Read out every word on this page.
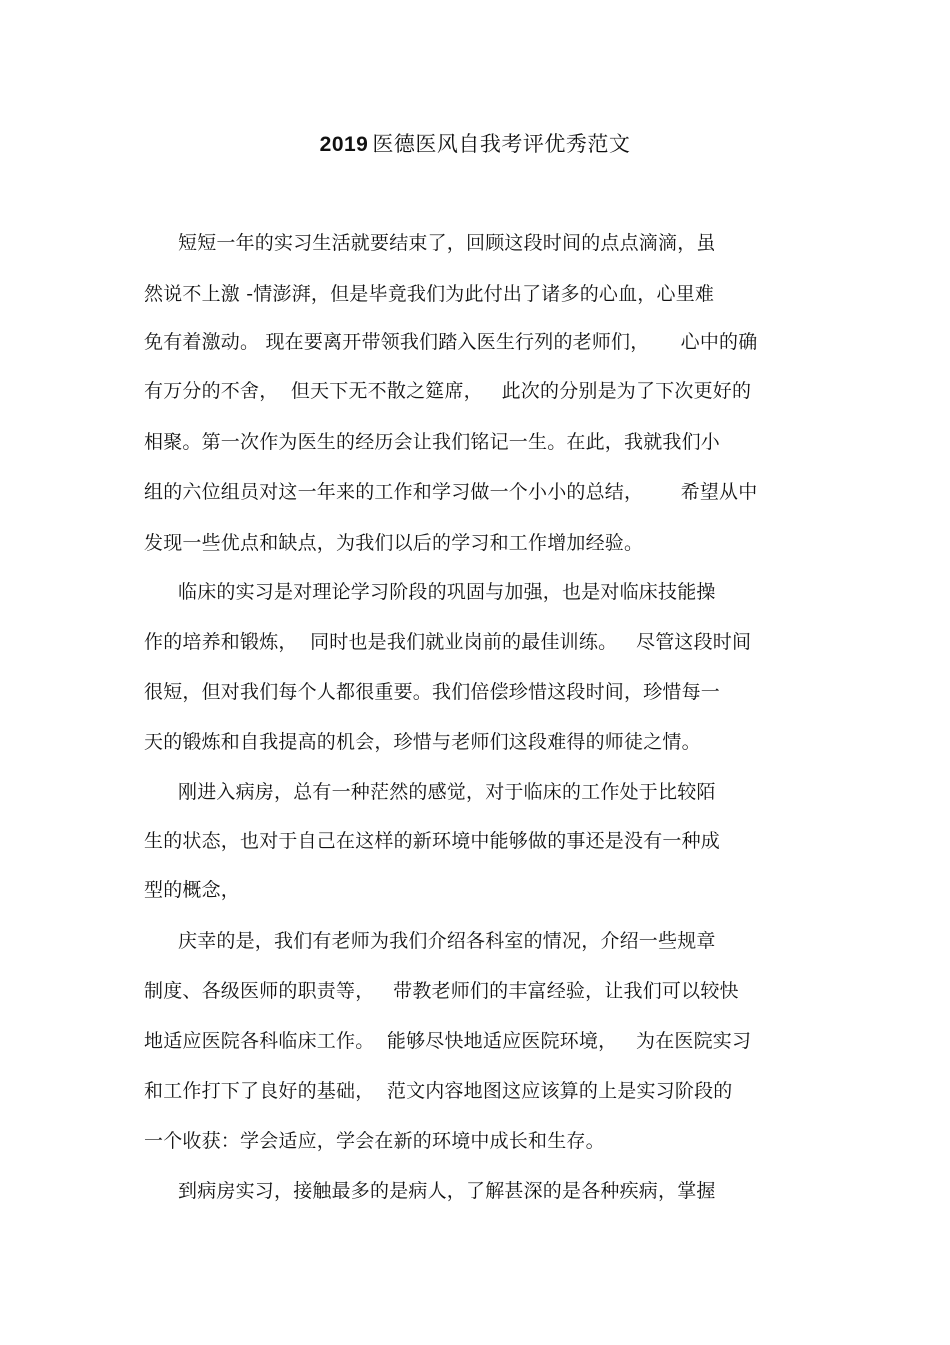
2019 医德医风自我考评优秀范文
短短一年的实习生活就要结束了，回顾这段时间的点点滴滴，虽
然说不上激 -情澎湃，但是毕竟我们为此付出了诸多的心血，心里难
免有着激动。 现在要离开带领我们踏入医生行列的老师们，     心中的确
有万分的不舍，  但天下无不散之筵席，   此次的分别是为了下次更好的
相聚。第一次作为医生的经历会让我们铭记一生。在此，我就我们小
组的六位组员对这一年来的工作和学习做一个小小的总结，      希望从中
发现一些优点和缺点，为我们以后的学习和工作增加经验。
临床的实习是对理论学习阶段的巩固与加强，也是对临床技能操
作的培养和锻炼，  同时也是我们就业岗前的最佳训练。   尽管这段时间
很短，但对我们每个人都很重要。我们倍偿珍惜这段时间，珍惜每一
天的锻炼和自我提高的机会，珍惜与老师们这段难得的师徒之情。
刚进入病房，总有一种茫然的感觉，对于临床的工作处于比较陌
生的状态，也对于自己在这样的新环境中能够做的事还是没有一种成
型的概念，
庆幸的是，我们有老师为我们介绍各科室的情况，介绍一些规章
制度、各级医师的职责等，   带教老师们的丰富经验，让我们可以较快
地适应医院各科临床工作。  能够尽快地适应医院环境，   为在医院实习
和工作打下了良好的基础，  范文内容地图这应该算的上是实习阶段的
一个收获：学会适应，学会在新的环境中成长和生存。
到病房实习，接触最多的是病人，了解甚深的是各种疾病，掌握
